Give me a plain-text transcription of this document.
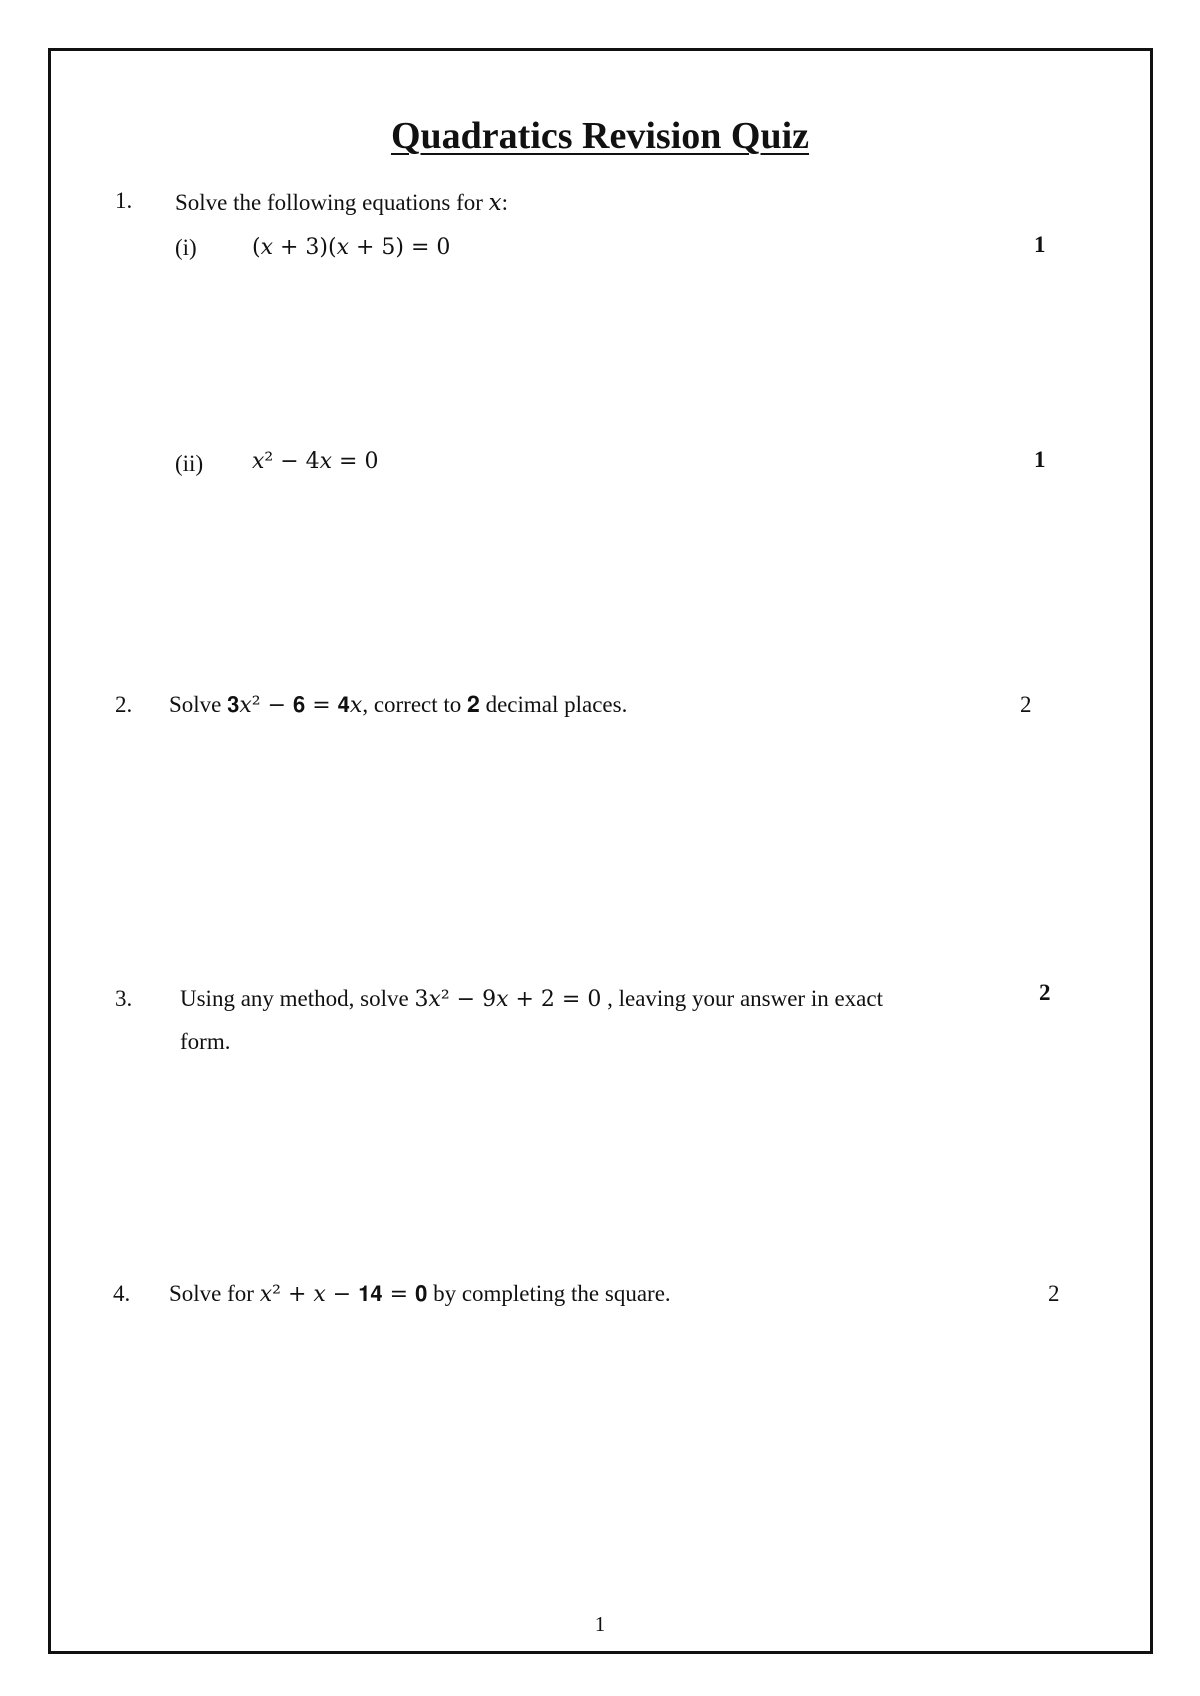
Quadratics Revision Quiz
1. Solve the following equations for 𝑥:
(i)	(𝑥 + 3)(𝑥 + 5) = 0	1
(ii) 𝑥² − 4𝑥 = 0	1
2. Solve 𝟑𝑥² − 𝟔 = 𝟒𝑥, correct to 𝟐 decimal places.	2
3. Using any method, solve 3𝑥² − 9𝑥 + 2 = 0 , leaving your answer in exact
form.
2
4. Solve for 𝑥² + 𝑥 − 𝟏𝟒 = 𝟎 by completing the square.	2
1
